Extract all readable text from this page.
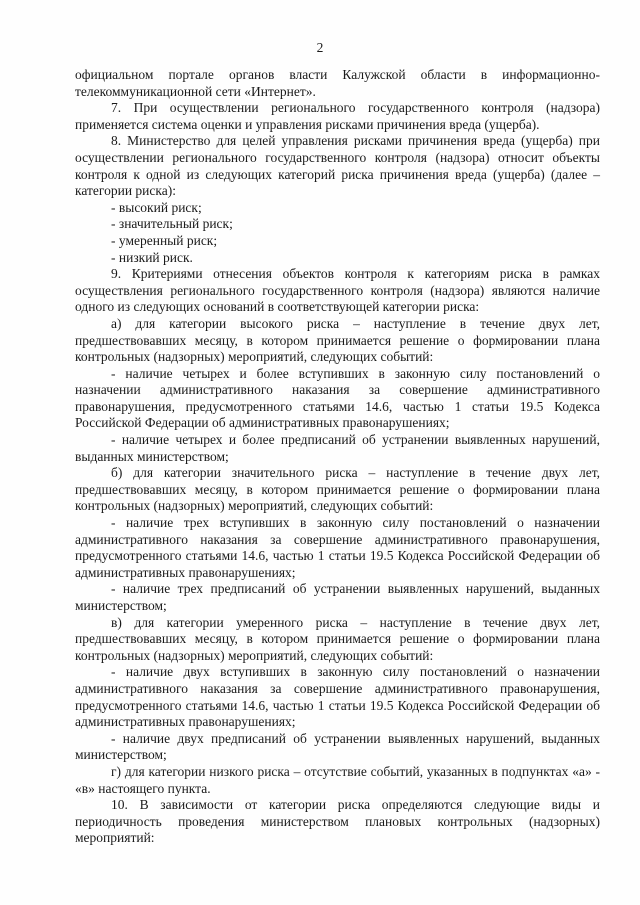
2

официальном портале органов власти Калужской области в информационно-телекоммуникационной сети «Интернет».

7. При осуществлении регионального государственного контроля (надзора) применяется система оценки и управления рисками причинения вреда (ущерба).

8. Министерство для целей управления рисками причинения вреда (ущерба) при осуществлении регионального государственного контроля (надзора) относит объекты контроля к одной из следующих категорий риска причинения вреда (ущерба) (далее – категории риска):

- высокий риск;

- значительный риск;

- умеренный риск;

- низкий риск.

9. Критериями отнесения объектов контроля к категориям риска в рамках осуществления регионального государственного контроля (надзора) являются наличие одного из следующих оснований в соответствующей категории риска:

а) для категории высокого риска – наступление в течение двух лет, предшествовавших месяцу, в котором принимается решение о формировании плана контрольных (надзорных) мероприятий, следующих событий:

- наличие четырех и более вступивших в законную силу постановлений о назначении административного наказания за совершение административного правонарушения, предусмотренного статьями 14.6, частью 1 статьи 19.5 Кодекса Российской Федерации об административных правонарушениях;

- наличие четырех и более предписаний об устранении выявленных нарушений, выданных министерством;

б) для категории значительного риска – наступление в течение двух лет, предшествовавших месяцу, в котором принимается решение о формировании плана контрольных (надзорных) мероприятий, следующих событий:

- наличие трех вступивших в законную силу постановлений о назначении административного наказания за совершение административного правонарушения, предусмотренного статьями 14.6, частью 1 статьи 19.5 Кодекса Российской Федерации об административных правонарушениях;

- наличие трех предписаний об устранении выявленных нарушений, выданных министерством;

в) для категории умеренного риска – наступление в течение двух лет, предшествовавших месяцу, в котором принимается решение о формировании плана контрольных (надзорных) мероприятий, следующих событий:

- наличие двух вступивших в законную силу постановлений о назначении административного наказания за совершение административного правонарушения, предусмотренного статьями 14.6, частью 1 статьи 19.5 Кодекса Российской Федерации об административных правонарушениях;

- наличие двух предписаний об устранении выявленных нарушений, выданных министерством;

г) для категории низкого риска – отсутствие событий, указанных в подпунктах «а» - «в» настоящего пункта.

10. В зависимости от категории риска определяются следующие виды и периодичность проведения министерством плановых контрольных (надзорных) мероприятий:
